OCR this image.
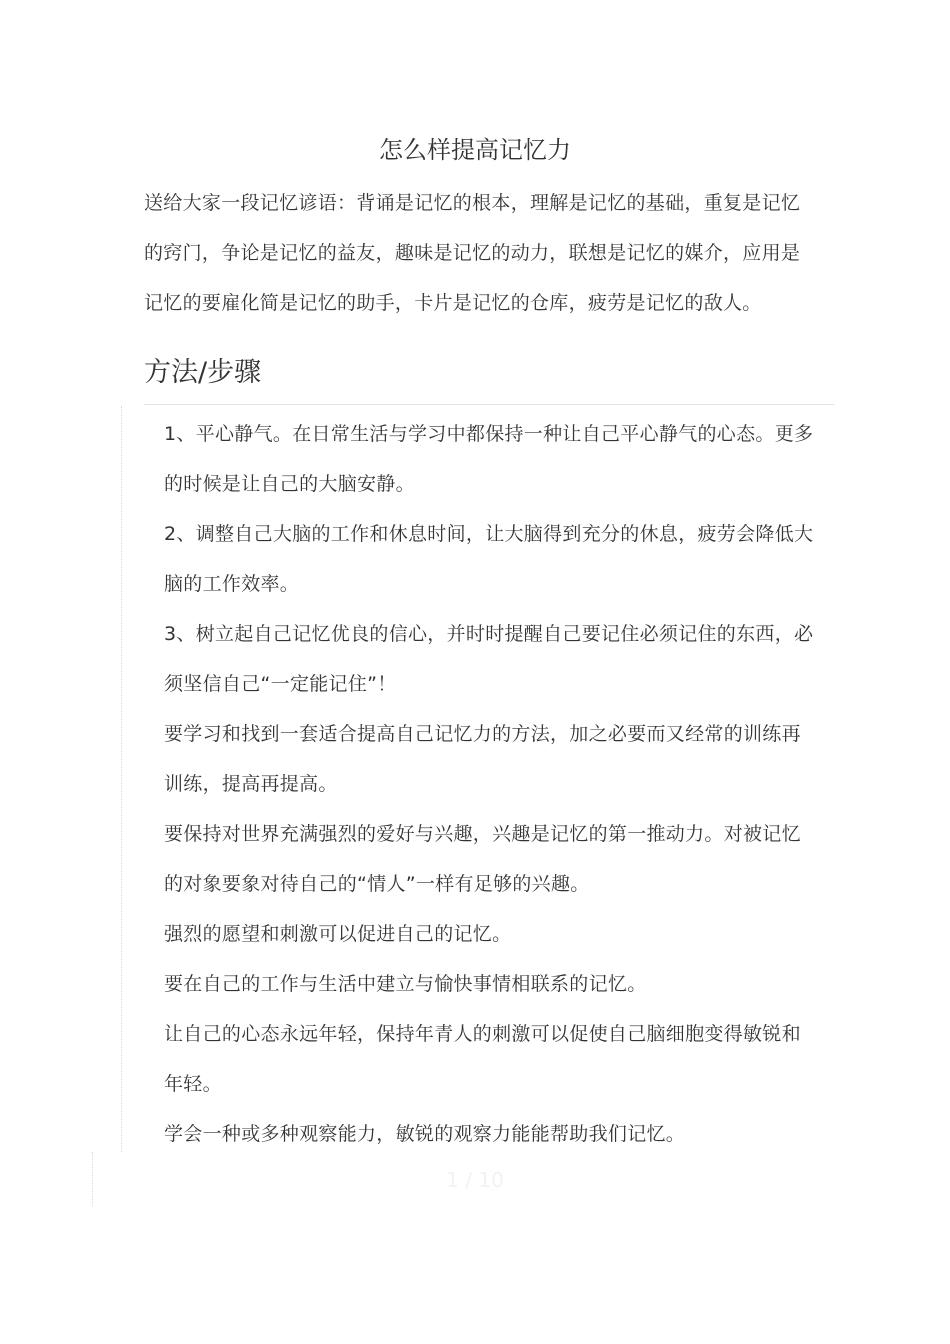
怎么样提高记忆力

送给大家一段记忆谚语：背诵是记忆的根本，理解是记忆的基础，重复是记忆的窍门，争论是记忆的益友，趣味是记忆的动力，联想是记忆的媒介，应用是记忆的要雇化简是记忆的助手，卡片是记忆的仓库，疲劳是记忆的敌人。

方法/步骤
1、平心静气。在日常生活与学习中都保持一种让自己平心静气的心态。更多的时候是让自己的大脑安静。
2、调整自己大脑的工作和休息时间，让大脑得到充分的休息，疲劳会降低大脑的工作效率。
3、树立起自己记忆优良的信心，并时时提醒自己要记住必须记住的东西，必须坚信自己“一定能记住”！
要学习和找到一套适合提高自己记忆力的方法，加之必要而又经常的训练再训练，提高再提高。
要保持对世界充满强烈的爱好与兴趣，兴趣是记忆的第一推动力。对被记忆的对象要象对待自己的“情人”一样有足够的兴趣。
强烈的愿望和刺激可以促进自己的记忆。
要在自己的工作与生活中建立与愉快事情相联系的记忆。
让自己的心态永远年轻，保持年青人的刺激可以促使自己脑细胞变得敏锐和年轻。
学会一种或多种观察能力，敏锐的观察力能能帮助我们记忆。
1 / 10
